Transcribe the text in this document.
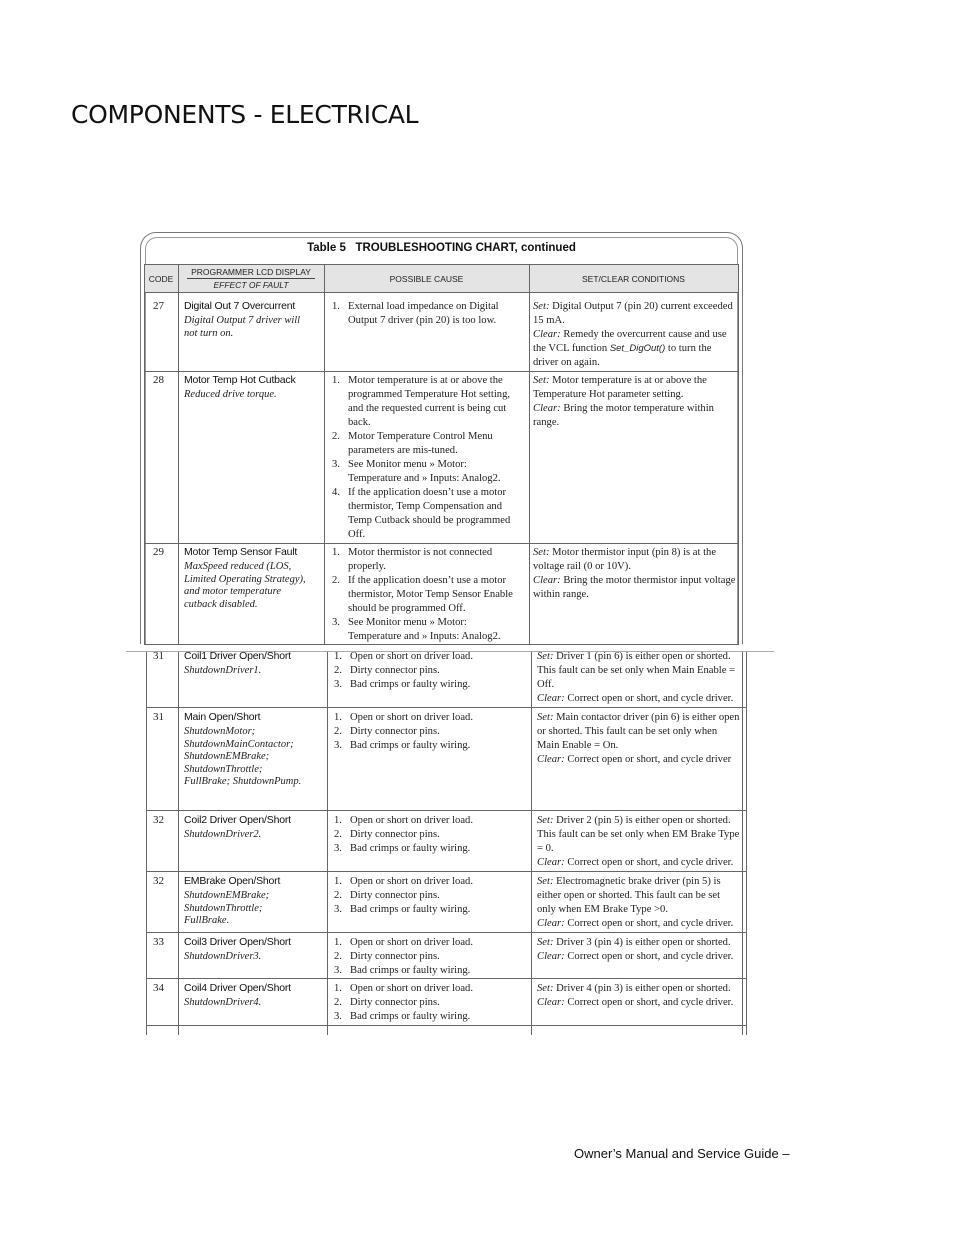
COMPONENTS - ELECTRICAL
Table 5 TROUBLESHOOTING CHART, continued
CODE
PROGRAMMER LCD DISPLAY
EFFECT OF FAULT
POSSIBLE CAUSE	SET/CLEAR CONDITIONS
27 Digital Out 7 Overcurrent
Digital Output 7 driver will not turn on.
1. External load impedance on Digital Output 7 driver (pin 20) is too low.
Set: Digital Output 7 (pin 20) current exceeded 15 mA.
Clear: Remedy the overcurrent cause and use the VCL function Set_DigOut() to turn the driver on again.
28 Motor Temp Hot Cutback
Reduced drive torque.
1. Motor temperature is at or above the programmed Temperature Hot setting, and the requested current is being cut back.
2. Motor Temperature Control Menu parameters are mis-tuned.
3. See Monitor menu » Motor: Temperature and » Inputs: Analog2.
4. If the application doesn’t use a motor thermistor, Temp Compensation and Temp Cutback should be programmed Off.
Set: Motor temperature is at or above the Temperature Hot parameter setting.
Clear: Bring the motor temperature within range.
29 Motor Temp Sensor Fault
MaxSpeed reduced (LOS, Limited Operating Strategy), and motor temperature cutback disabled.
1. Motor thermistor is not connected properly.
2. If the application doesn’t use a motor thermistor, Motor Temp Sensor Enable should be programmed Off.
3. See Monitor menu » Motor: Temperature and » Inputs: Analog2.
Set: Motor thermistor input (pin 8) is at the voltage rail (0 or 10V).
Clear: Bring the motor thermistor input voltage within range.
31 Coil1 Driver Open/Short
ShutdownDriver1.
1. Open or short on driver load.
2. Dirty connector pins.
3. Bad crimps or faulty wiring.
Set: Driver 1 (pin 6) is either open or shorted. This fault can be set only when Main Enable = Off.
Clear: Correct open or short, and cycle driver.
31 Main Open/Short
ShutdownMotor; ShutdownMainContactor; ShutdownEMBrake; ShutdownThrottle; FullBrake; ShutdownPump.
1. Open or short on driver load.
2. Dirty connector pins.
3. Bad crimps or faulty wiring.
Set: Main contactor driver (pin 6) is either open or shorted. This fault can be set only when Main Enable = On.
Clear: Correct open or short, and cycle driver
32 Coil2 Driver Open/Short
ShutdownDriver2.
1. Open or short on driver load.
2. Dirty connector pins.
3. Bad crimps or faulty wiring.
Set: Driver 2 (pin 5) is either open or shorted. This fault can be set only when EM Brake Type = 0.
Clear: Correct open or short, and cycle driver.
32 EMBrake Open/Short
ShutdownEMBrake; ShutdownThrottle; FullBrake.
1. Open or short on driver load.
2. Dirty connector pins.
3. Bad crimps or faulty wiring.
Set: Electromagnetic brake driver (pin 5) is either open or shorted. This fault can be set only when EM Brake Type >0.
Clear: Correct open or short, and cycle driver.
33 Coil3 Driver Open/Short
ShutdownDriver3.
1. Open or short on driver load.
2. Dirty connector pins.
3. Bad crimps or faulty wiring.
Set: Driver 3 (pin 4) is either open or shorted.
Clear: Correct open or short, and cycle driver.
34 Coil4 Driver Open/Short
ShutdownDriver4.
1. Open or short on driver load.
2. Dirty connector pins.
3. Bad crimps or faulty wiring.
Set: Driver 4 (pin 3) is either open or shorted.
Clear: Correct open or short, and cycle driver.
Owner’s Manual and Service Guide –
